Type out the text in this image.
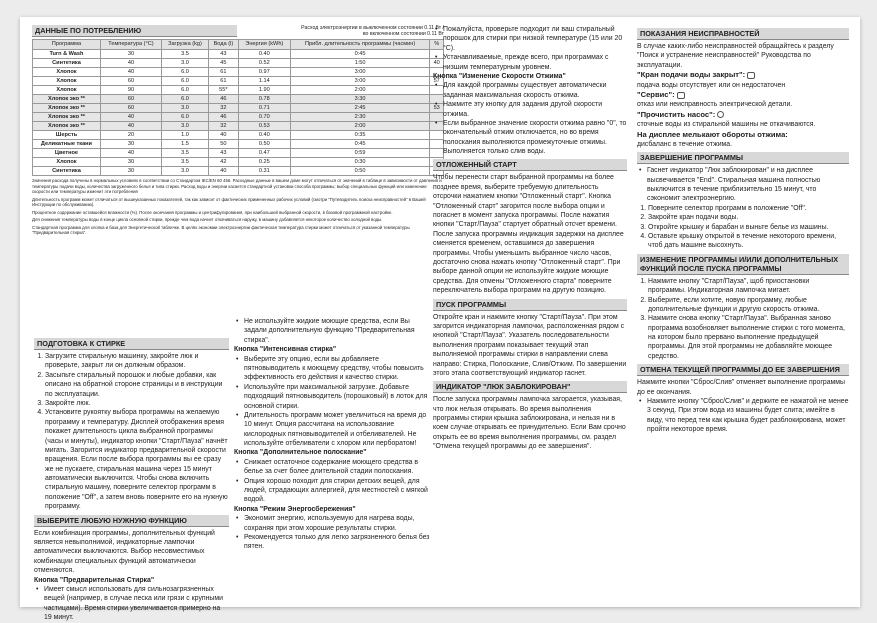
ДАННЫЕ ПО ПОТРЕБЛЕНИЮ	Расход электроэнергии в выключенном состоянии 0.11 Вт /
во включенном состоянии 0.11 Вт
Программа	Температура (°C)	Загрузка (kg)	Вода (l)	Энергия (kWh)	Прибл. длительность программы (часмин)	%
Turn & Wash	30	3.5	43	0.40	0:45	
Синтетика	40	3.0	45	0.52	1:50	40
Хлопок	40	6.0	61	0.97	3:00	
Хлопок	60	6.0	61	1.14	3:00	57
Хлопок	90	6.0	55*	1.90	2:00	
Хлопок эко **	60	6.0	46	0.78	3:30	
Хлопок эко **	60	3.0	32	0.71	2:45	53
Хлопок эко **	40	6.0	46	0.70	2:30	
Хлопок эко **	40	3.0	32	0.53	2:00	
Шерсть	20	1.0	40	0.40	0:35	
Деликатные ткани	30	1.5	50	0.50	0:45	
Цветное	40	3.5	43	0.47	0:59	
Хлопок	30	3.5	42	0.25	0:30	
Синтетика	30	3.0	40	0.31	0:50	
Значения расхода получены в нормальных условиях в соответствии со Стандартом IEC/EN 60 456. Расходные данные в вашем доме могут отличаться от значений в таблице в зависимости от давления и температуры подачи воды, количества загруженного белья и типа стирки. Расход воды и энергии касается стандартной установки способа программы; выбор специальных функций или изменение скорости или температуры изменит эти потребления
Длительность программ может отличаться от вышеуказанных показателей, так как зависит от фактических примененных рабочих условий (смотри "Путеводитель поиска неисправностей" в Вашей Инструкции по обслуживанию).
Процентное содержание оставшейся влажности (%). После окончания программы и центрифугирования, при наибольшей выбранной скорости, в базовой программной настройке.
Для снижения температуры воды в конце цикла основной стирки, прежде чем вода начнет откачиваться наружу, в машину добавляется некоторое количество холодной воды.
Стандартная программа для хлопка и база для Энергетической табличке. В целях экономии электроэнергии фактическая температура стирки может отличаться от указанной температуры "Предварительная стирка".
ПОДГОТОВКА К СТИРКЕ
1. Загрузите стиральную машинку, закройте люк и проверьте, закрыт ли он должным образом.
2. Засыпьте стиральный порошок и любые добавки, как описано на обратной стороне страницы и в инструкции по эксплуатации.
3. Закройте люк.
4. Установите рукоятку выбора программы на желаемую программу и температуру. Дисплей отображения время покажет длительность цикла выбранной программы (часы и минуты), индикатор кнопки "Старт/Пауза" начнёт мигать. Загорится индикатор предварительной скорости вращения. Если после выбора программы вы ее сразу же не пускаете, стиральная машина через 15 минут автоматически выключится. Чтобы снова включить стиральную машину, поверните селектор программ в положение "Off", а затем вновь поверните его на нужную программу.
ВЫБЕРИТЕ ЛЮБУЮ НУЖНУЮ ФУНКЦИЮ

Если комбинация программы, дополнительных функций является невыполнимой, индикаторные лампочки автоматически выключаются. Выбор несовместимых комбинации специальных функций автоматически отменяются.

Кнопка "Предварительная Стирка"
• Имеет смысл использовать для сильнозагрязненных вещей (например, в случае песка или грязи с крупными частицами). Время стирки увеличивается примерно на 19 минут.
• Не используйте жидкие моющие средства, если Вы задали дополнительную функцию "Предварительная стирка".
Кнопка "Интенсивная стирка"
• Выберите эту опцию, если вы добавляете пятновыводитель к моющему средству, чтобы повысить эффективность его действия и качество стирки.
• Используйте при максимальной загрузке. Добавьте подходящий пятновыводитель (порошковый) в лоток для основной стирки.
• Длительность программ может увеличиться на время до 10 минут. Опция рассчитана на использование кислородных пятновыводителей и отбеливателей. Не используйте отбеливатели с хлором или перборатом!
Кнопка "Дополнительное полоскание"
• Снижает остаточное содержание моющего средства в белье за счет более длительной стадии полоскания.
• Опция хорошо походит для стирки детских вещей, для людей, страдающих аллергией, для местностей с мягкой водой.
Кнопка "Режим Энергосбережения"
• Экономит энергию, используемую для нагрева воды, сохраняя при этом хорошие результаты стирки.
• Рекомендуется только для легко загрязненного белья без пятен.
• Пожалуйста, проверьте подходит ли ваш стиральный порошок для стирки при низкой температуре (15 или 20 °C).
• Устанавливаемые, прежде всего, при программах с низшим температурным уровнем.
Кнопка "Изменение Скорости Отжима"
• Для каждой программы существует автоматически заданная максимальная скорость отжима.
• Нажмите эту кнопку для задания другой скорости отжима.
• Если выбранное значение скорости отжима равно "0", то окончательный отжим отключается, но во время полоскания выполняются промежуточные отжимы. Выполняется только слив воды.
ОТЛОЖЕННЫЙ СТАРТ

Чтобы перенести старт выбранной программы на более позднее время, выберите требуемую длительность отсрочки нажатием кнопки "Отложенный старт". Кнопка "Отложенный старт" загорится после выбора опции и погаснет в момент запуска программы. После нажатия кнопки "Старт/Пауза" стартует обратный отсчет времени. После запуска программы индикация задержки на дисплее сменяется временем, оставшимся до завершения программы. Чтобы уменьшить выбранное число часов, достаточно снова нажать кнопку "Отложенный старт". При выборе данной опции не используйте жидкие моющие средства. Для отмены "Отложенного старта" поверните переключатель выбора программ на другую позицию.

ПУСК ПРОГРАММЫ

Откройте кран и нажмите кнопку "Старт/Пауза". При этом загорится индикаторная лампочки, расположенная рядом с кнопкой "Старт/Пауза". Указатель последовательности выполнения программ показывает текущий этап выполняемой программы стирки в направлении слева направо: Стирка, Полоскание, Слив/Отжим. По завершении этого этапа соответствующий индикатор гаснет.

ИНДИКАТОР "ЛЮК ЗАБЛОКИРОВАН"

После запуска программы лампочка загорается, указывая, что люк нельзя открывать. Во время выполнения программы стирки крышка заблокирована, и нельзя ни в коем случае открывать ее принудительно. Если Вам срочно открыть ее во время выполнения программы, см. раздел "Отмена текущей программы до ее завершения".

ПОКАЗАНИЯ НЕИСПРАВНОСТЕЙ

В случае каких-либо неисправностей обращайтесь к разделу "Поиск и устранение неисправностей" Руководства по эксплуатации.

"Кран подачи воды закрыт":

подача воды отсутствует или он недостаточен

"Сервис":

отказ или неисправность электрической детали.

"Прочистить насос":

сточные воды из стиральной машины не откачиваются.

На дисплее мелькают обороты отжима:

дисбаланс в течение отжима.

ЗАВЕРШЕНИЕ ПРОГРАММЫ
• Гаснет индикатор "Люк заблокирован" и на дисплее высвечивается "End". Стиральная машина полностью выключится в течение приблизительно 15 минут, что сэкономит электроэнергию.
1. Поверните селектор программ в положение "Off".
2. Закройте кран подачи воды.
3. Откройте крышку и барабан и выньте белье из машины.
4. Оставьте крышку открытой в течение некоторого времени, чтоб дать машине высохнуть.
ИЗМЕНЕНИЕ ПРОГРАММЫ И/ИЛИ ДОПОЛНИТЕЛЬНЫХ ФУНКЦИЙ ПОСЛЕ ПУСКА ПРОГРАММЫ
1. Нажмите кнопку "Старт/Пауза", щоб приостановки программы. Индикаторная лампочка мигает.
2. Выберите, если хотите, новую программу, любые дополнительные функции и другую скорость отжима.
3. Нажмите снова кнопку "Старт/Пауза". Выбранная заново программа возобновляет выполнение стирки с того момента, на котором было прервано выполнение предыдущей программы. Для этой программы не добавляйте моющее средство.
ОТМЕНА ТЕКУЩЕЙ ПРОГРАММЫ ДО ЕЕ ЗАВЕРШЕНИЯ

Нажмите кнопки "Сброс/Слив" отменяет выполнение программы до ее окончания.

• Нажмите кнопку "Сброс/Слив" и держите ее нажатой не менее 3 секунд. При этом вода из машины будет слита; имейте в виду, что перед тем как крышка будет разблокирована, может пройти некоторое время.
